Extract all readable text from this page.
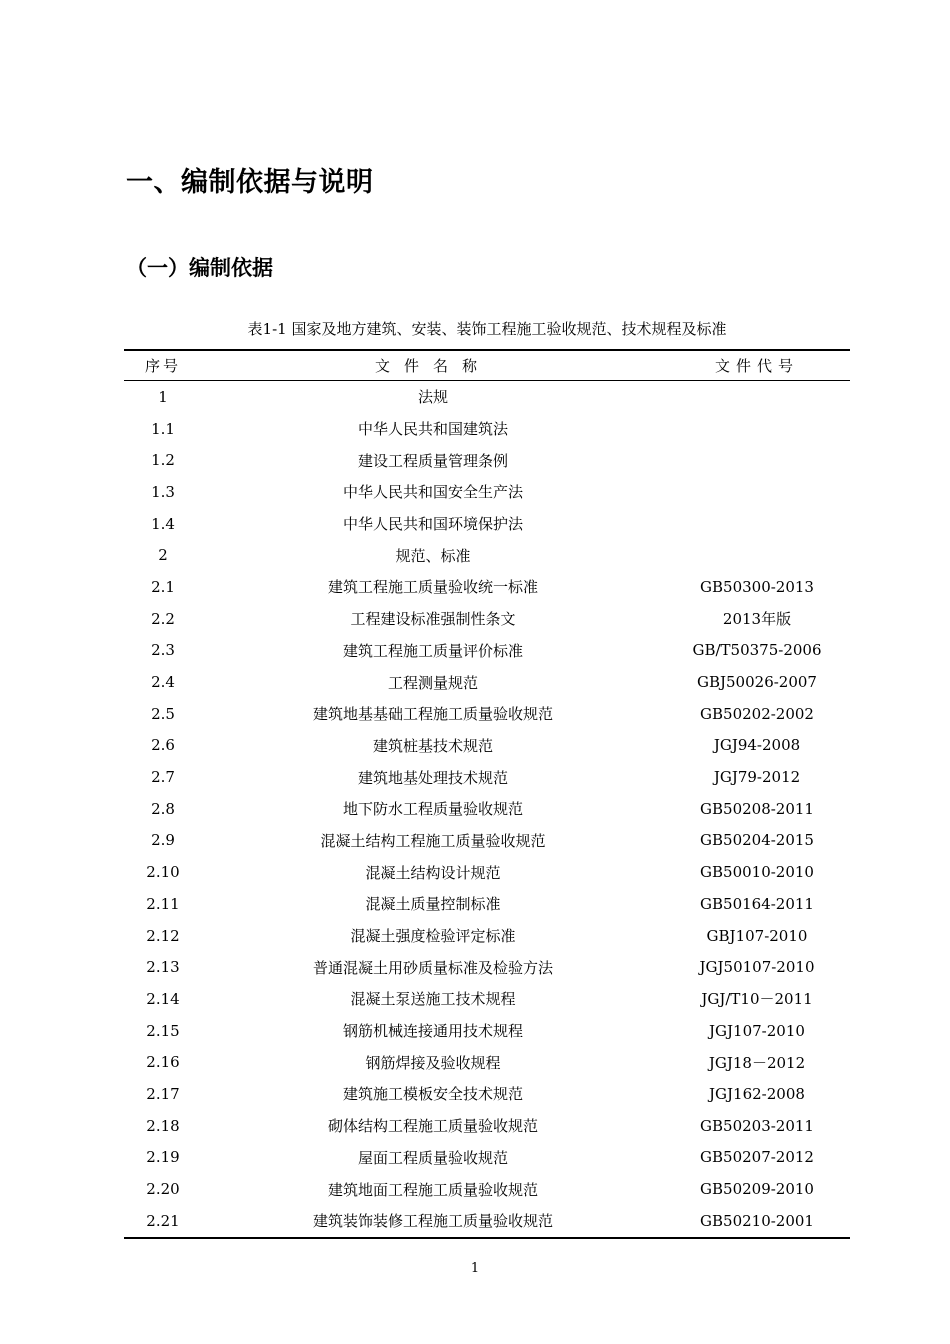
一、编制依据与说明
（一）编制依据
表1-1 国家及地方建筑、安装、装饰工程施工验收规范、技术规程及标准
序号	文件名称	文件代号
1	法规
1.1	中华人民共和国建筑法
1.2	建设工程质量管理条例
1.3	中华人民共和国安全生产法
1.4	中华人民共和国环境保护法
2	规范、标准
2.1	建筑工程施工质量验收统一标准	GB50300-2013
2.2	工程建设标准强制性条文	2013年版
2.3	建筑工程施工质量评价标准	GB/T50375-2006
2.4	工程测量规范	GBJ50026-2007
2.5	建筑地基基础工程施工质量验收规范	GB50202-2002
2.6	建筑桩基技术规范	JGJ94-2008
2.7	建筑地基处理技术规范	JGJ79-2012
2.8	地下防水工程质量验收规范	GB50208-2011
2.9	混凝土结构工程施工质量验收规范	GB50204-2015
2.10	混凝土结构设计规范	GB50010-2010
2.11	混凝土质量控制标准	GB50164-2011
2.12	混凝土强度检验评定标准	GBJ107-2010
2.13	普通混凝土用砂质量标准及检验方法	JGJ50107-2010
2.14	混凝土泵送施工技术规程	JGJ/T10－2011
2.15	钢筋机械连接通用技术规程	JGJ107-2010
2.16	钢筋焊接及验收规程	JGJ18－2012
2.17	建筑施工模板安全技术规范	JGJ162-2008
2.18	砌体结构工程施工质量验收规范	GB50203-2011
2.19	屋面工程质量验收规范	GB50207-2012
2.20	建筑地面工程施工质量验收规范	GB50209-2010
2.21	建筑装饰装修工程施工质量验收规范	GB50210-2001
1
